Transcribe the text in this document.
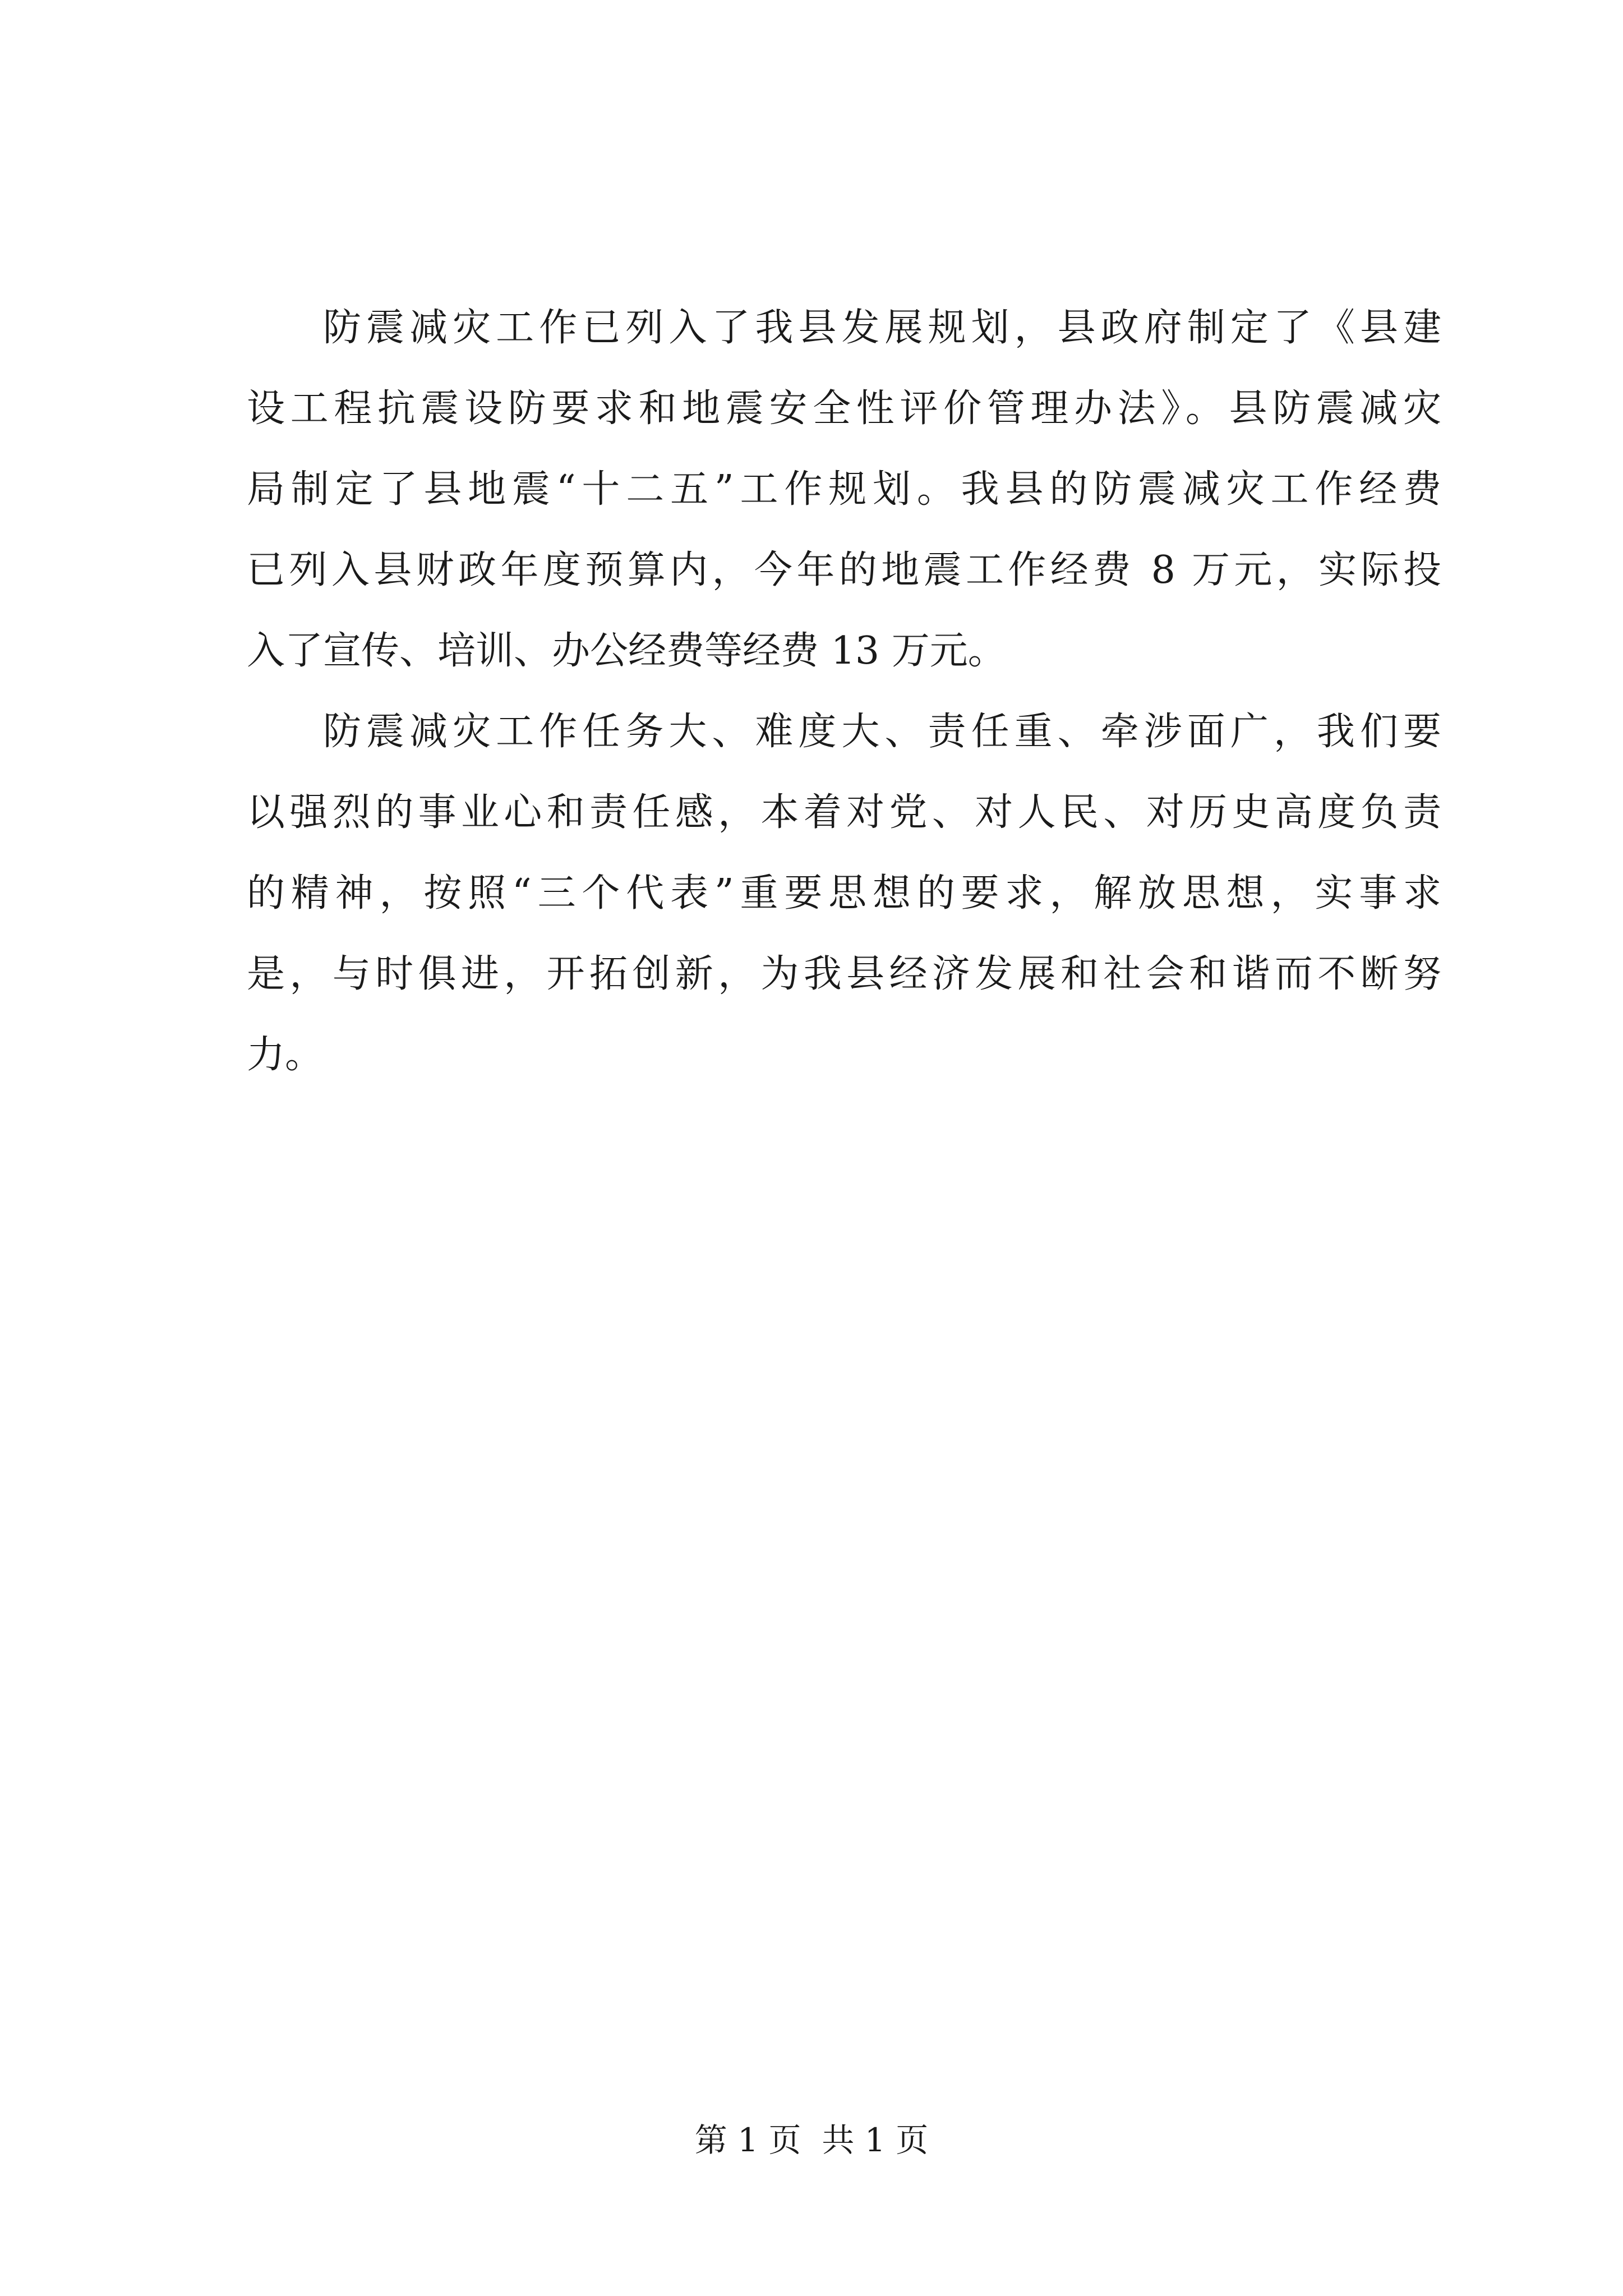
防震减灾工作已列入了我县发展规划，县政府制定了《县建
设工程抗震设防要求和地震安全性评价管理办法》。县防震减灾
局制定了县地震“十二五”工作规划。我县的防震减灾工作经费
已列入县财政年度预算内，今年的地震工作经费 8 万元，实际投
入了宣传、培训、办公经费等经费 13 万元。
防震减灾工作任务大、难度大、责任重、牵涉面广，我们要
以强烈的事业心和责任感，本着对党、对人民、对历史高度负责
的精神，按照“三个代表”重要思想的要求，解放思想，实事求
是，与时俱进，开拓创新，为我县经济发展和社会和谐而不断努
力。
第 1 页  共 1 页
